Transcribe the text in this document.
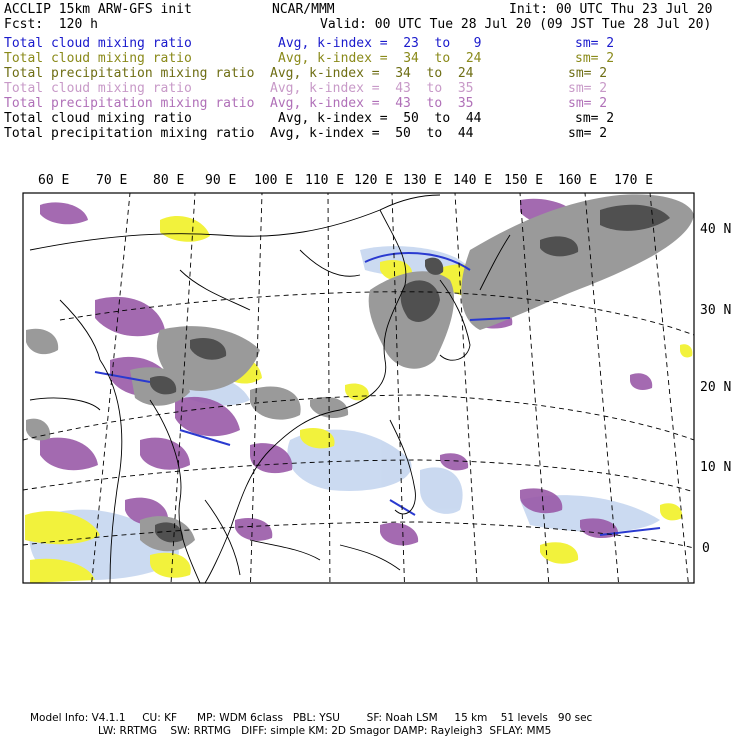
ACCLIP 15km ARW-GFS init
Fcst:  120 h
NCAR/MMM	Init: 00 UTC Thu 23 Jul 20
Valid: 00 UTC Tue 28 Jul 20 (09 JST Tue 28 Jul 20)
Total cloud mixing ratio	Avg, k-index =  23  to   9	sm= 2
Total cloud mixing ratio	Avg, k-index =  34  to  24	sm= 2
Total precipitation mixing ratio Avg, k-index =  34  to  24	sm= 2
Total cloud mixing ratio	Avg, k-index =  43  to  35	sm= 2
Total precipitation mixing ratio Avg, k-index =  43  to  35	sm= 2
Total cloud mixing ratio	Avg, k-index =  50  to  44	sm= 2
Total precipitation mixing ratio Avg, k-index =  50  to  44	sm= 2
60 E 70 E 80 E 90 E 100 E 110 E 120 E 130 E 140 E 150 E 160 E 170 E
40 N
30 N
20 N
10 N
0
Model Info: V4.1.1     CU: KF      MP: WDM 6class   PBL: YSU        SF: Noah LSM     15 km    51 levels   90 sec
LW: RRTMG    SW: RRTMG   DIFF: simple KM: 2D Smagor DAMP: Rayleigh3  SFLAY: MM5
